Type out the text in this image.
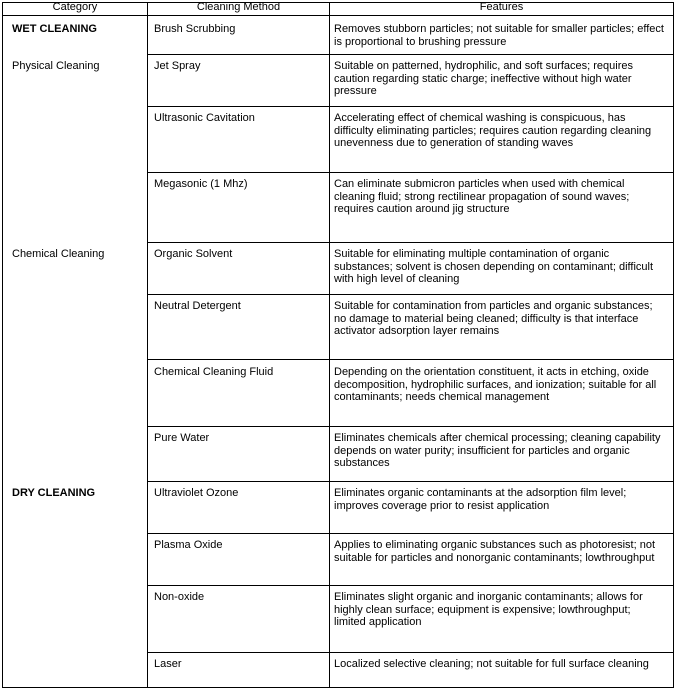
Category	Cleaning Method	Features
WET CLEANING
Physical Cleaning
Chemical Cleaning
DRY CLEANING
Brush Scrubbing
Jet Spray
Ultrasonic Cavitation
Megasonic (1 Mhz)
Organic Solvent
Neutral Detergent
Chemical Cleaning Fluid
Pure Water
Ultraviolet Ozone
Plasma Oxide
Non-oxide
Laser
Removes stubborn particles; not suitable for smaller particles; effect is proportional to brushing pressure
Suitable on patterned, hydrophilic, and soft surfaces; requires caution regarding static charge; ineffective without high water pressure
Accelerating effect of chemical washing is conspicuous, has difficulty eliminating particles; requires caution regarding cleaning unevenness due to generation of standing waves
Can eliminate submicron particles when used with chemical cleaning fluid; strong rectilinear propagation of sound waves; requires caution around jig structure
Suitable for eliminating multiple contamination of organic substances; solvent is chosen depending on contaminant; difficult with high level of cleaning
Suitable for contamination from particles and organic substances; no damage to material being cleaned; difficulty is that interface activator adsorption layer remains
Depending on the orientation constituent, it acts in etching, oxide decomposition, hydrophilic surfaces, and ionization; suitable for all contaminants; needs chemical management
Eliminates chemicals after chemical processing; cleaning capability depends on water purity; insufficient for particles and organic substances
Eliminates organic contaminants at the adsorption film level; improves coverage prior to resist application
Applies to eliminating organic substances such as photoresist; not suitable for particles and nonorganic contaminants; lowthroughput
Eliminates slight organic and inorganic contaminants; allows for highly clean surface; equipment is expensive; lowthroughput; limited application
Localized selective cleaning; not suitable for full surface cleaning
